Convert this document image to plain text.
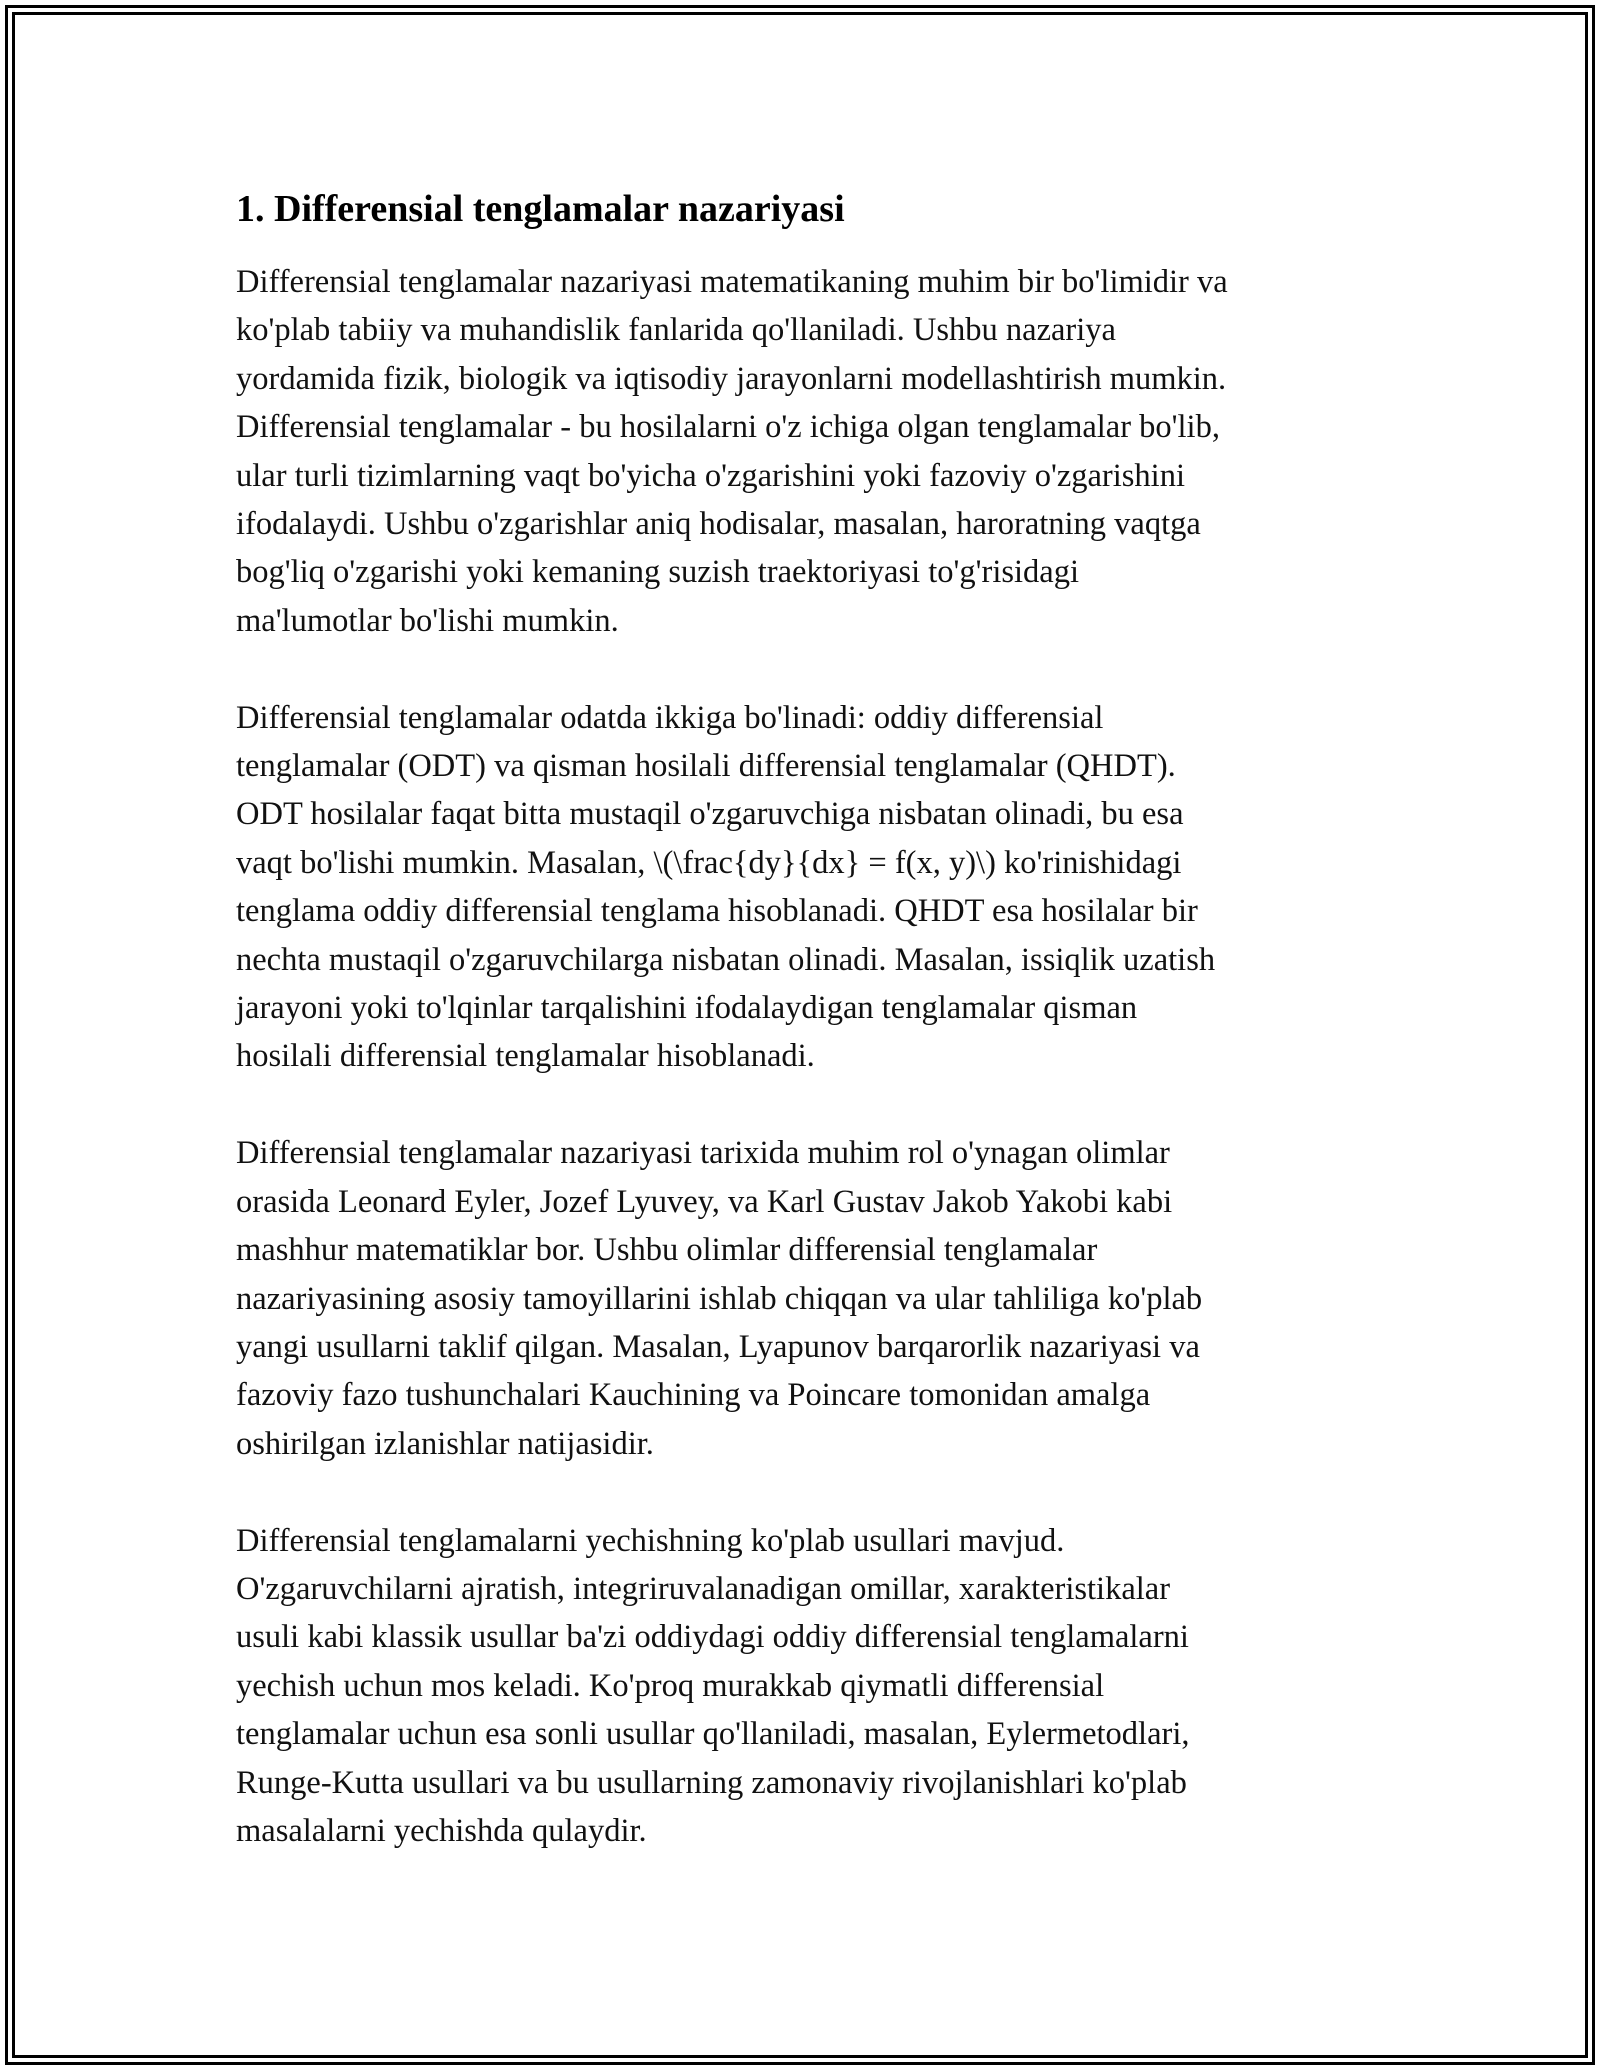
1. Differensial tenglamalar nazariyasi
Differensial tenglamalar nazariyasi matematikaning muhim bir bo'limidir va
ko'plab tabiiy va muhandislik fanlarida qo'llaniladi. Ushbu nazariya
yordamida fizik, biologik va iqtisodiy jarayonlarni modellashtirish mumkin.
Differensial tenglamalar - bu hosilalarni o'z ichiga olgan tenglamalar bo'lib,
ular turli tizimlarning vaqt bo'yicha o'zgarishini yoki fazoviy o'zgarishini
ifodalaydi. Ushbu o'zgarishlar aniq hodisalar, masalan, haroratning vaqtga
bog'liq o'zgarishi yoki kemaning suzish traektoriyasi to'g'risidagi
ma'lumotlar bo'lishi mumkin.
Differensial tenglamalar odatda ikkiga bo'linadi: oddiy differensial
tenglamalar (ODT) va qisman hosilali differensial tenglamalar (QHDT).
ODT hosilalar faqat bitta mustaqil o'zgaruvchiga nisbatan olinadi, bu esa
vaqt bo'lishi mumkin. Masalan, \(\frac{dy}{dx} = f(x, y)\) ko'rinishidagi
tenglama oddiy differensial tenglama hisoblanadi. QHDT esa hosilalar bir
nechta mustaqil o'zgaruvchilarga nisbatan olinadi. Masalan, issiqlik uzatish
jarayoni yoki to'lqinlar tarqalishini ifodalaydigan tenglamalar qisman
hosilali differensial tenglamalar hisoblanadi.
Differensial tenglamalar nazariyasi tarixida muhim rol o'ynagan olimlar
orasida Leonard Eyler, Jozef Lyuvey, va Karl Gustav Jakob Yakobi kabi
mashhur matematiklar bor. Ushbu olimlar differensial tenglamalar
nazariyasining asosiy tamoyillarini ishlab chiqqan va ular tahliliga ko'plab
yangi usullarni taklif qilgan. Masalan, Lyapunov barqarorlik nazariyasi va
fazoviy fazo tushunchalari Kauchining va Poincare tomonidan amalga
oshirilgan izlanishlar natijasidir.
Differensial tenglamalarni yechishning ko'plab usullari mavjud.
O'zgaruvchilarni ajratish, integriruvalanadigan omillar, xarakteristikalar
usuli kabi klassik usullar ba'zi oddiydagi oddiy differensial tenglamalarni
yechish uchun mos keladi. Ko'proq murakkab qiymatli differensial
tenglamalar uchun esa sonli usullar qo'llaniladi, masalan, Eylermetodlari,
Runge-Kutta usullari va bu usullarning zamonaviy rivojlanishlari ko'plab
masalalarni yechishda qulaydir.
